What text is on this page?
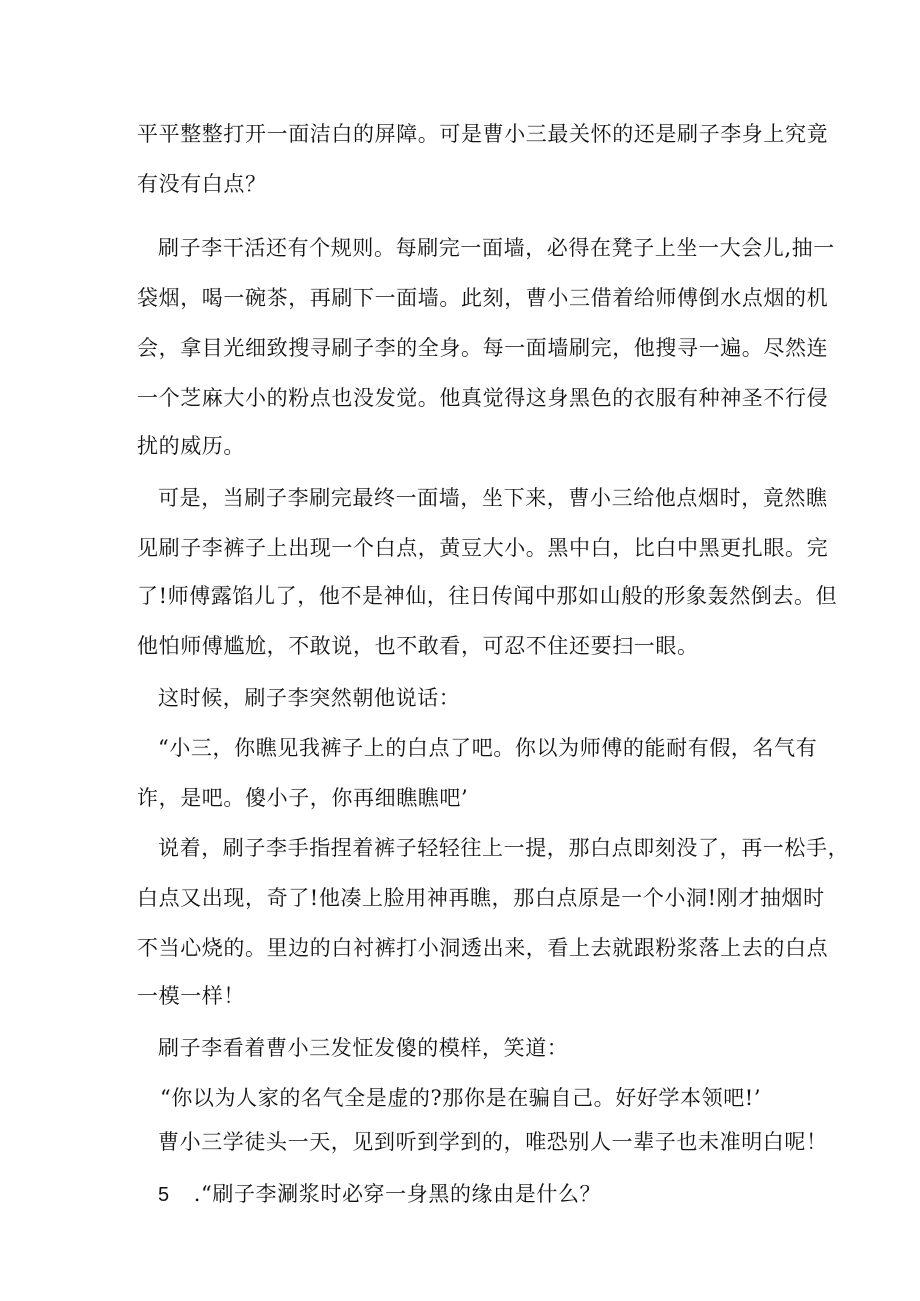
平平整整打开一面洁白的屏障。可是曹小三最关怀的还是刷子李身上究竟
有没有白点？
刷子李干活还有个规则。每刷完一面墙，必得在凳子上坐一大会儿,抽一
袋烟，喝一碗茶，再刷下一面墙。此刻，曹小三借着给师傅倒水点烟的机
会，拿目光细致搜寻刷子李的全身。每一面墙刷完，他搜寻一遍。尽然连
一个芝麻大小的粉点也没发觉。他真觉得这身黑色的衣服有种神圣不行侵
扰的威历。
可是，当刷子李刷完最终一面墙，坐下来，曹小三给他点烟时，竟然瞧
见刷子李裤子上出现一个白点，黄豆大小。黑中白，比白中黑更扎眼。完
了!师傅露馅儿了，他不是神仙，往日传闻中那如山般的形象轰然倒去。但
他怕师傅尴尬，不敢说，也不敢看，可忍不住还要扫一眼。
这时候，刷子李突然朝他说话：
“小三，你瞧见我裤子上的白点了吧。你以为师傅的能耐有假，名气有
诈，是吧。傻小子，你再细瞧瞧吧’
说着，刷子李手指捏着裤子轻轻往上一提，那白点即刻没了，再一松手，
白点又出现，奇了!他凑上脸用神再瞧，那白点原是一个小洞!刚才抽烟时
不当心烧的。里边的白衬裤打小洞透出来，看上去就跟粉浆落上去的白点
一模一样！
刷子李看着曹小三发怔发傻的模样，笑道：
“你以为人家的名气全是虚的?那你是在骗自己。好好学本领吧!’
曹小三学徒头一天，见到听到学到的，唯恐别人一辈子也未准明白呢！
5 .“刷子李涮浆时必穿一身黑的缘由是什么？
